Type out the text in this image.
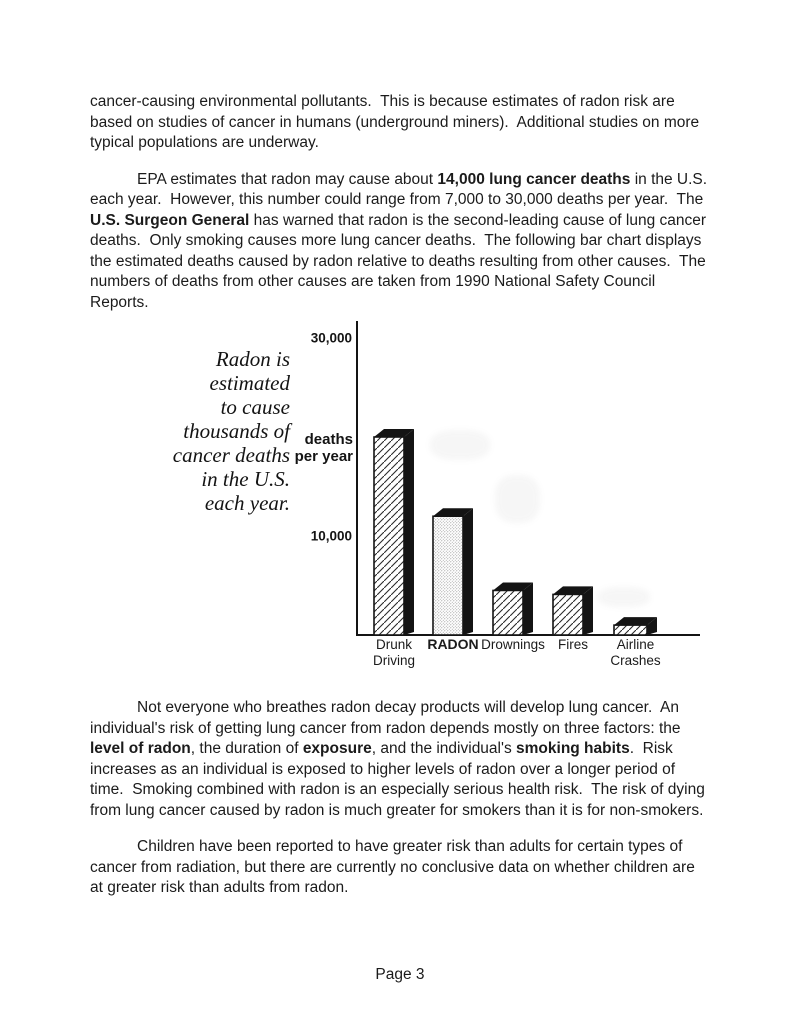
cancer-causing environmental pollutants.  This is because estimates of radon risk are based on studies of cancer in humans (underground miners).  Additional studies on more typical populations are underway.

EPA estimates that radon may cause about 14,000 lung cancer deaths in the U.S. each year.  However, this number could range from 7,000 to 30,000 deaths per year.  The U.S. Surgeon General has warned that radon is the second-leading cause of lung cancer deaths.  Only smoking causes more lung cancer deaths.  The following bar chart displays the estimated deaths caused by radon relative to deaths resulting from other causes.  The numbers of deaths from other causes are taken from 1990 National Safety Council Reports.

Radon is
estimated
to cause
thousands of
cancer deaths
in the U.S.
each year.
deaths
per year
10,000
30,000
Drunk
Driving
RADON Drownings Fires Airline
Crashes

Not everyone who breathes radon decay products will develop lung cancer.  An individual's risk of getting lung cancer from radon depends mostly on three factors: the level of radon, the duration of exposure, and the individual's smoking habits.  Risk increases as an individual is exposed to higher levels of radon over a longer period of time.  Smoking combined with radon is an especially serious health risk.  The risk of dying from lung cancer caused by radon is much greater for smokers than it is for non-smokers.

Children have been reported to have greater risk than adults for certain types of cancer from radiation, but there are currently no conclusive data on whether children are at greater risk than adults from radon.

Page 3
